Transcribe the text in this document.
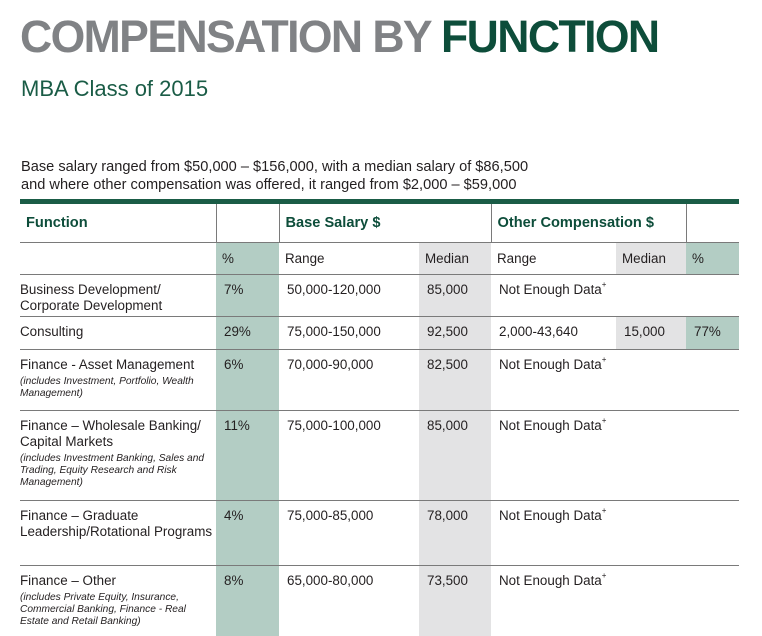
COMPENSATION BY FUNCTION
MBA Class of 2015
Base salary ranged from $50,000 – $156,000, with a median salary of $86,500
and where other compensation was offered, it ranged from $2,000 – $59,000
Function		Base Salary $		Other Compensation $		
	%	Range	Median	Range	Median	%
Business Development/
Corporate Development	7%	50,000-120,000	85,000	Not Enough Data+
Consulting	29%	75,000-150,000	92,500	2,000-43,640	15,000	77%
Finance - Asset Management
(includes Investment, Portfolio, Wealth Management)	6%	70,000-90,000	82,500	Not Enough Data+
Finance – Wholesale Banking/
Capital Markets
(includes Investment Banking, Sales and Trading, Equity Research and Risk Management)	11%	75,000-100,000	85,000	Not Enough Data+
Finance – Graduate
Leadership/Rotational Programs	4%	75,000-85,000	78,000	Not Enough Data+
Finance – Other
(includes Private Equity, Insurance, Commercial Banking, Finance - Real Estate and Retail Banking)	8%	65,000-80,000	73,500	Not Enough Data+
